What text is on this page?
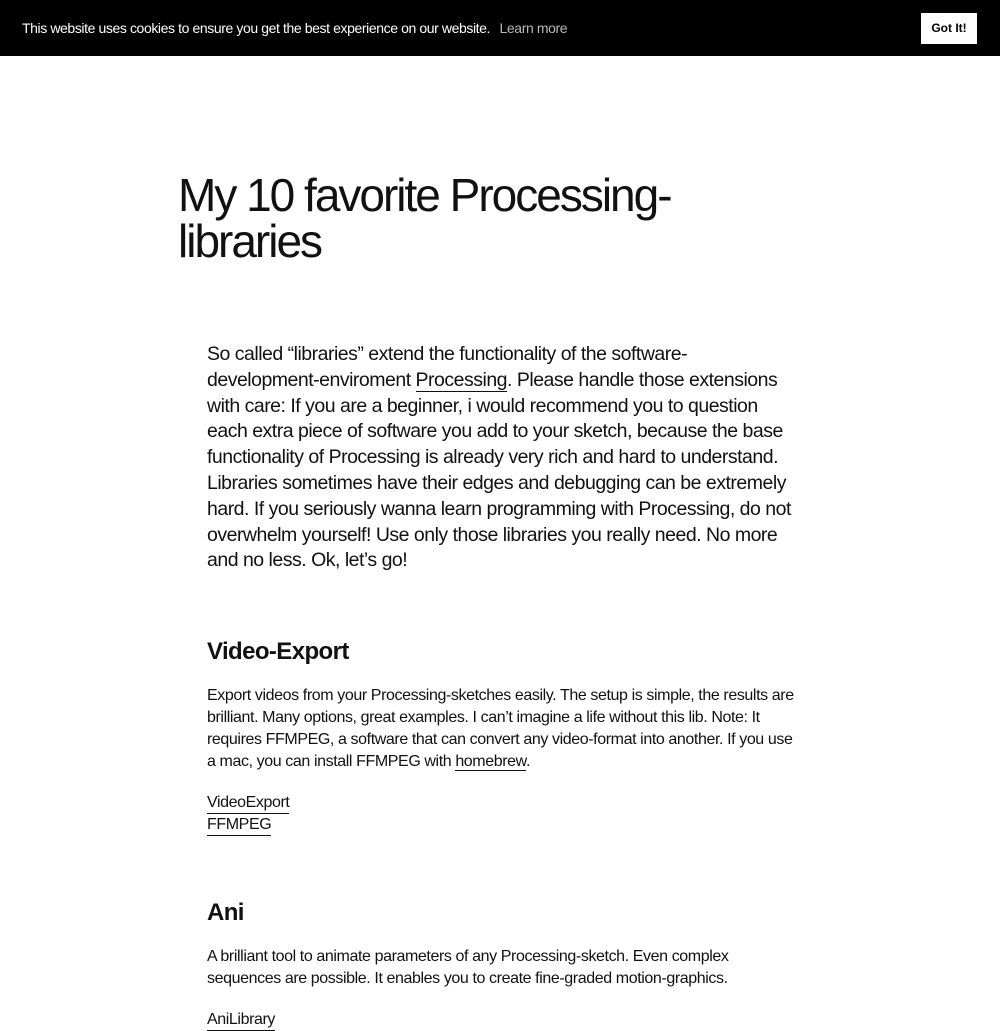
This website uses cookies to ensure you get the best experience on our website. Learn more	Got It!
My 10 favorite Processing-libraries

So called “libraries” extend the functionality of the software-development-enviroment Processing. Please handle those extensions with care: If you are a beginner, i would recommend you to question each extra piece of software you add to your sketch, because the base functionality of Processing is already very rich and hard to understand. Libraries sometimes have their edges and debugging can be extremely hard. If you seriously wanna learn programming with Processing, do not overwhelm yourself! Use only those libraries you really need. No more and no less. Ok, let’s go!

Video-Export

Export videos from your Processing-sketches easily. The setup is simple, the results are brilliant. Many options, great examples. I can’t imagine a life without this lib. Note: It requires FFMPEG, a software that can convert any video-format into another. If you use a mac, you can install FFMPEG with homebrew.

VideoExport
FFMPEG
Ani

A brilliant tool to animate parameters of any Processing-sketch. Even complex sequences are possible. It enables you to create fine-graded motion-graphics.

AniLibrary
